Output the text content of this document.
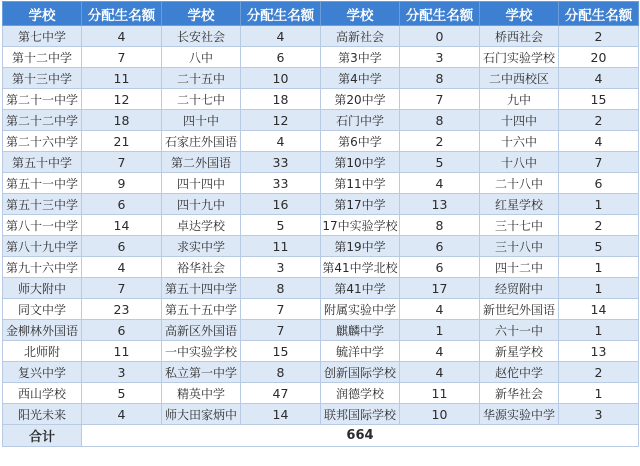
学校	分配生名额	学校	分配生名额	学校	分配生名额	学校	分配生名额
第七中学	4	长安社会	4	高新社会	0	桥西社会	2
第十二中学	7	八中	6	第3中学	3	石门实验学校	20
第十三中学	11	二十五中	10	第4中学	8	二中西校区	4
第二十一中学	12	二十七中	18	第20中学	7	九中	15
第二十二中学	18	四十中	12	石门中学	8	十四中	2
第二十六中学	21	石家庄外国语	4	第6中学	2	十六中	4
第五十中学	7	第二外国语	33	第10中学	5	十八中	7
第五十一中学	9	四十四中	33	第11中学	4	二十八中	6
第五十三中学	6	四十九中	16	第17中学	13	红星学校	1
第八十一中学	14	卓达学校	5	17中实验学校	8	三十七中	2
第八十九中学	6	求实中学	11	第19中学	6	三十八中	5
第九十六中学	4	裕华社会	3	第41中学北校	6	四十二中	1
师大附中	7	第五十四中学	8	第41中学	17	经贸附中	1
同文中学	23	第五十五中学	7	附属实验中学	4	新世纪外国语	14
金柳林外国语	6	高新区外国语	7	麒麟中学	1	六十一中	1
北师附	11	一中实验学校	15	毓洋中学	4	新星学校	13
复兴中学	3	私立第一中学	8	创新国际学校	4	赵佗中学	2
西山学校	5	精英中学	47	润德学校	11	新华社会	1
阳光未来	4	师大田家炳中	14	联邦国际学校	10	华源实验中学	3
合计	664						
